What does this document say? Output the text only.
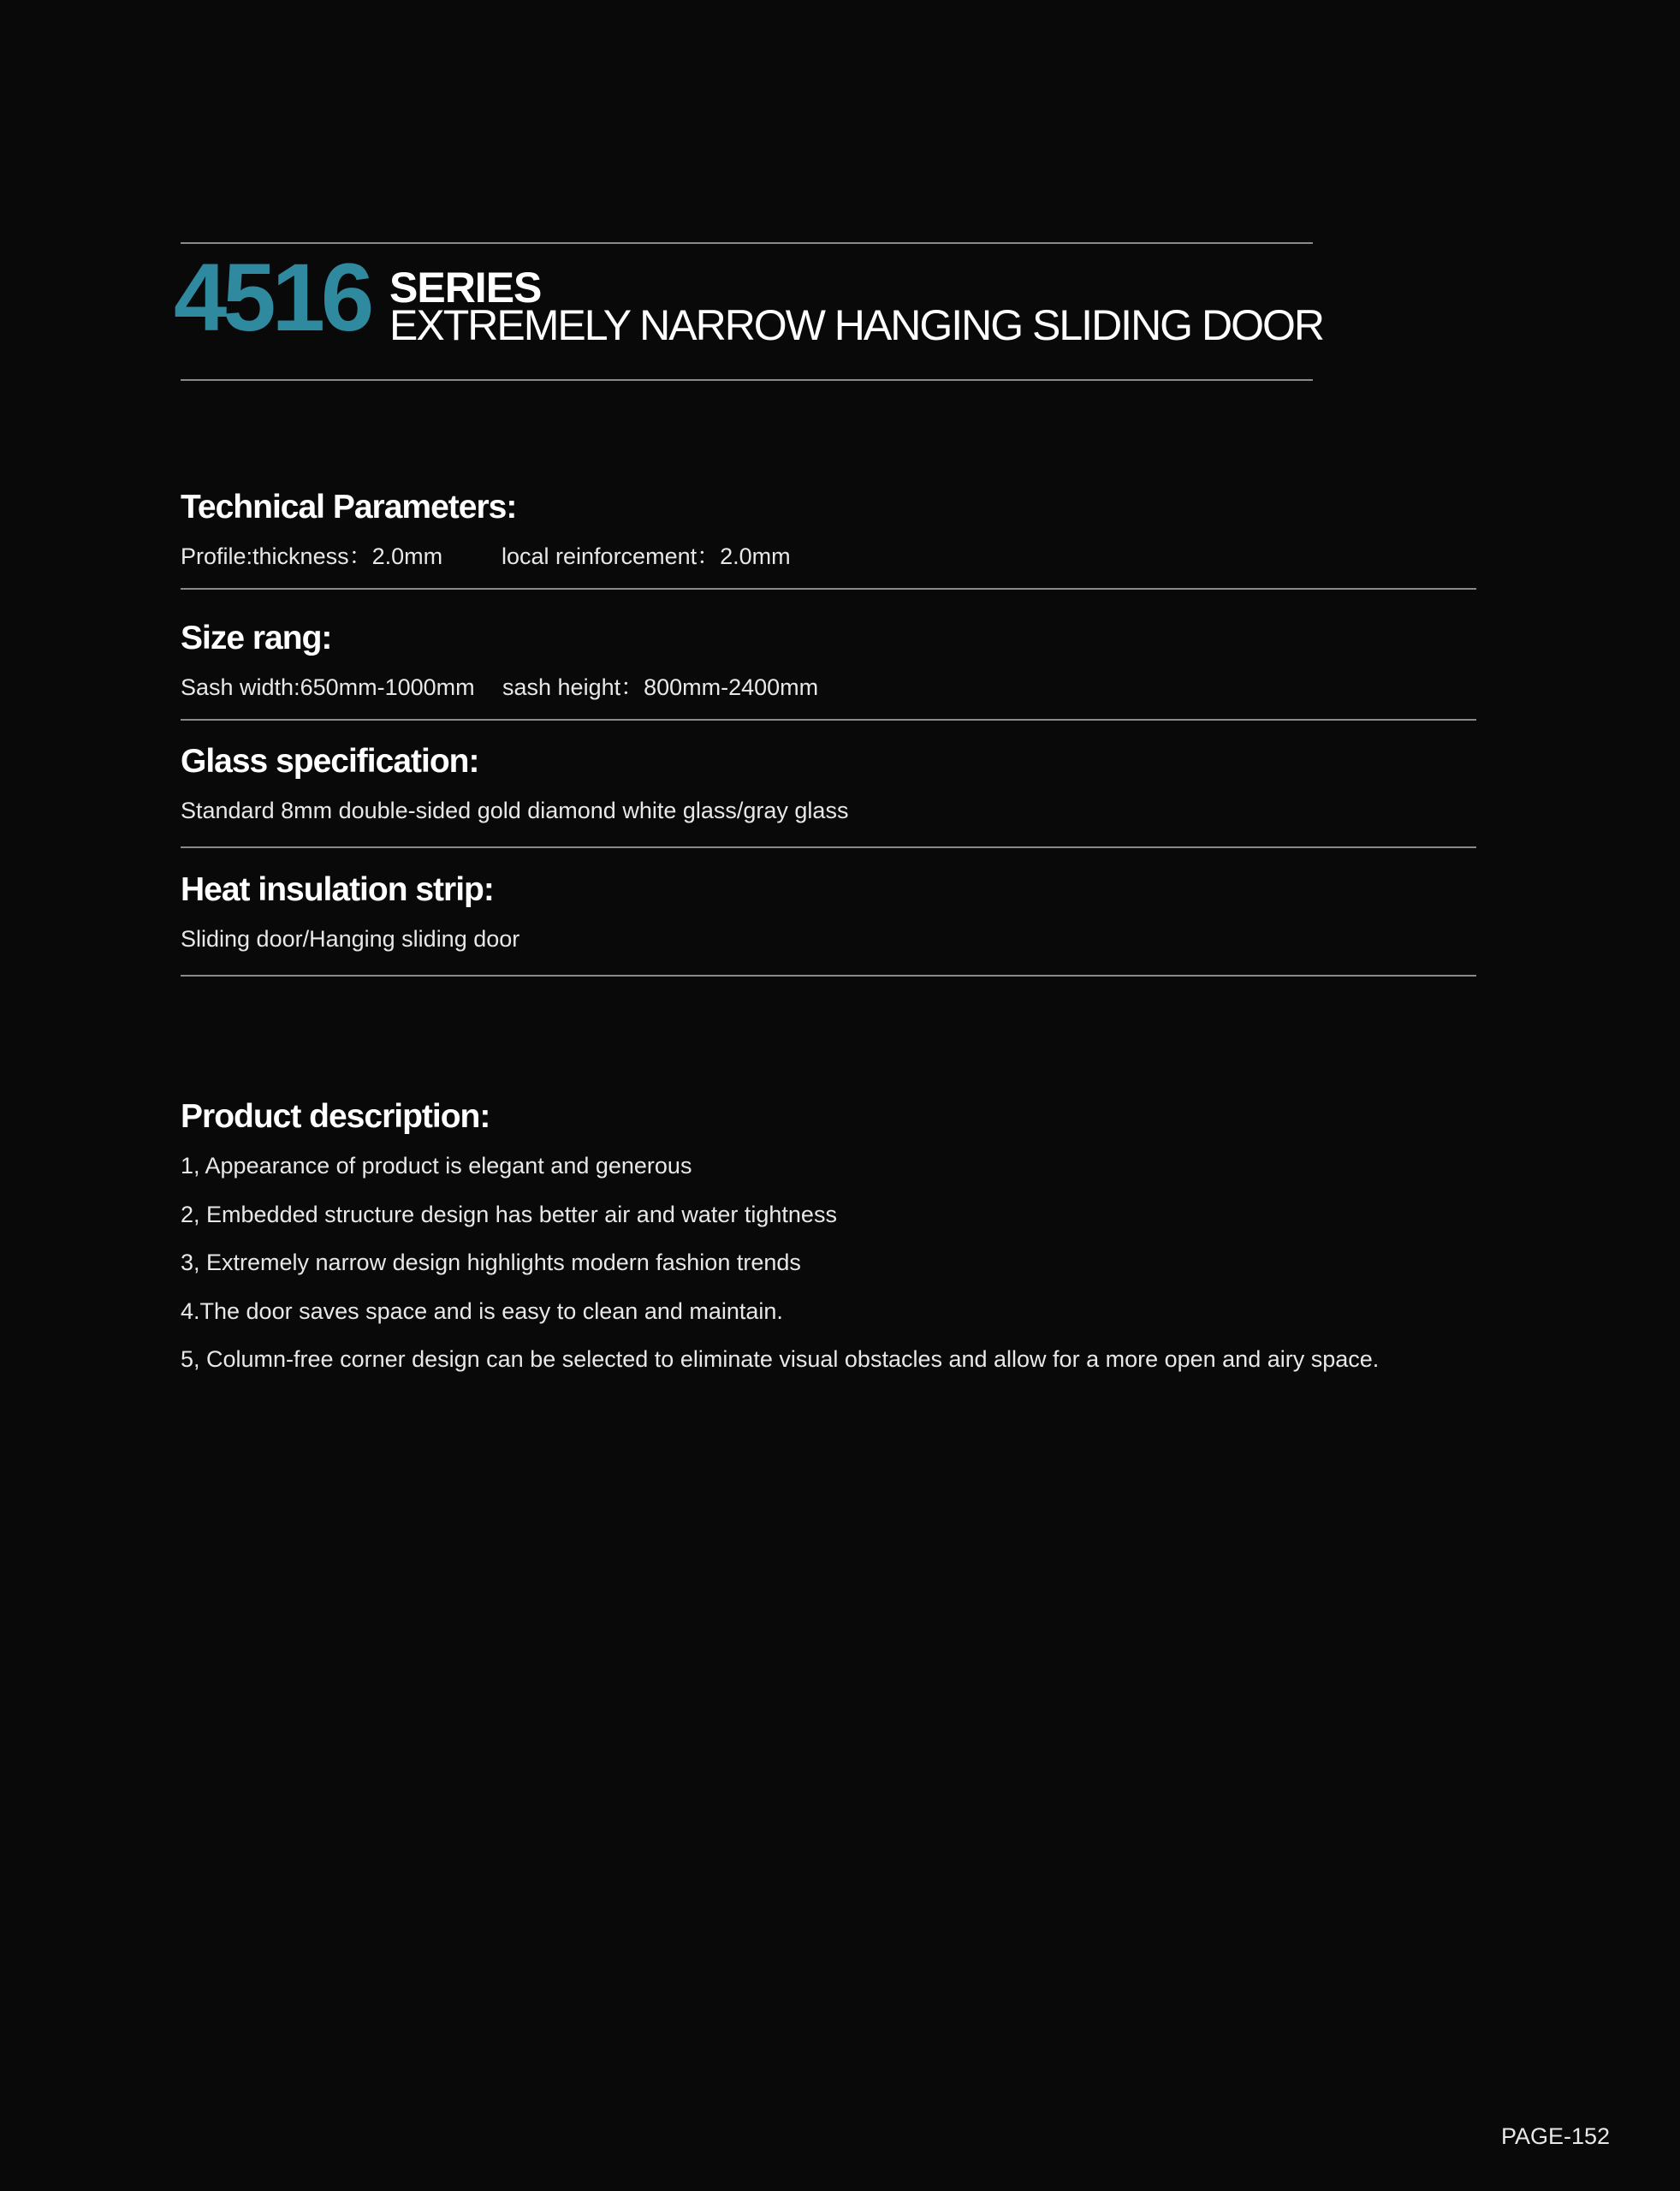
4516 SERIES
EXTREMELY NARROW HANGING SLIDING DOOR
Technical Parameters:
Profile:thickness：2.0mm	local reinforcement：2.0mm
Size rang:
Sash width:650mm-1000mm sash height：800mm-2400mm
Glass specification:
Standard 8mm double-sided gold diamond white glass/gray glass
Heat insulation strip:
Sliding door/Hanging sliding door
Product description:
1, Appearance of product is elegant and generous
2, Embedded structure design has better air and water tightness
3, Extremely narrow design highlights modern fashion trends
4.The door saves space and is easy to clean and maintain.
5, Column-free corner design can be selected to eliminate visual obstacles and allow for a more open and airy space.
PAGE-152
